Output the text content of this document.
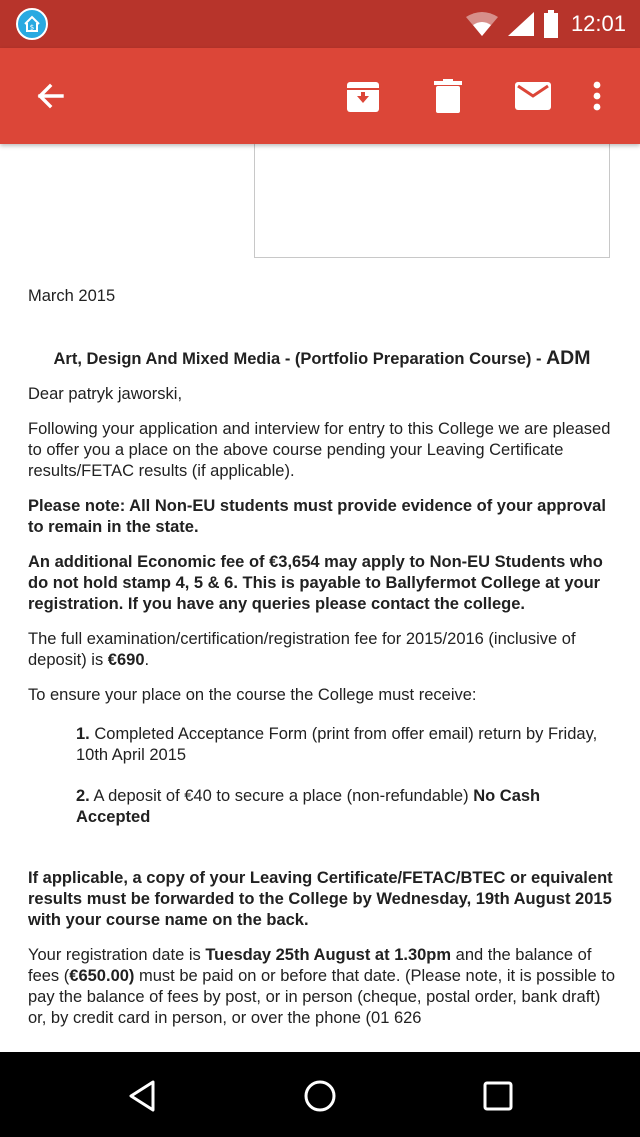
$	12:01

March 2015

Art, Design And Mixed Media - (Portfolio Preparation Course) - ADM

Dear patryk jaworski,

Following your application and interview for entry to this College we are pleased to offer you a place on the above course pending your Leaving Certificate results/FETAC results (if applicable).

Please note: All Non-EU students must provide evidence of your approval to remain in the state.

An additional Economic fee of €3,654 may apply to Non-EU Students who do not hold stamp 4, 5 & 6. This is payable to Ballyfermot College at your registration. If you have any queries please contact the college.

The full examination/certification/registration fee for 2015/2016 (inclusive of deposit) is €690.

To ensure your place on the course the College must receive:

1. Completed Acceptance Form (print from offer email) return by Friday, 10th April 2015

2. A deposit of €40 to secure a place (non-refundable) No Cash Accepted

If applicable, a copy of your Leaving Certificate/FETAC/BTEC or equivalent results must be forwarded to the College by Wednesday, 19th August 2015 with your course name on the back.

Your registration date is Tuesday 25th August at 1.30pm and the balance of fees (€650.00) must be paid on or before that date. (Please note, it is possible to pay the balance of fees by post, or in person (cheque, postal order, bank draft) or, by credit card in person, or over the phone (01 626
